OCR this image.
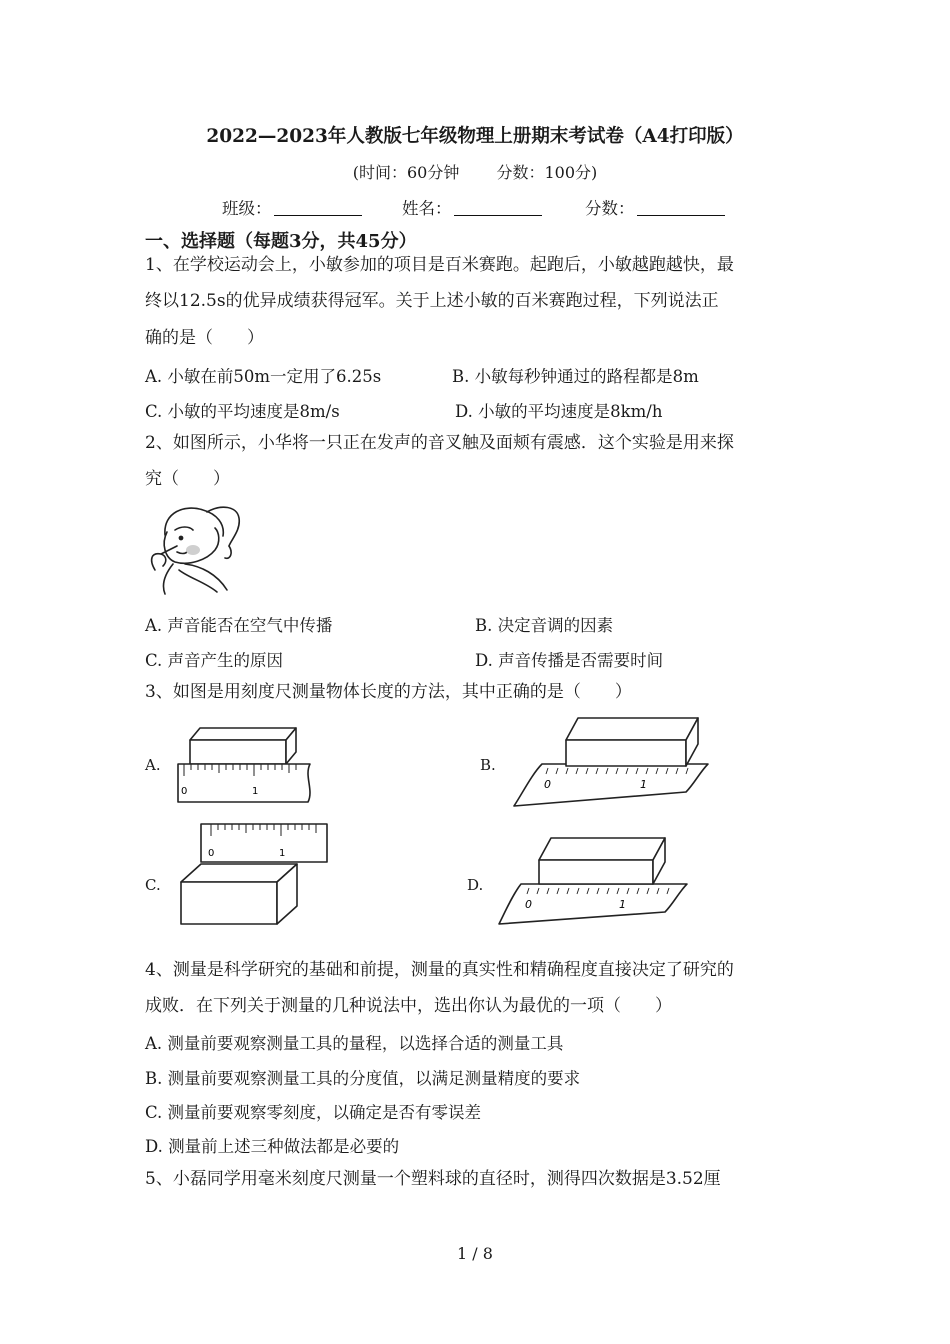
2022—2023年人教版七年级物理上册期末考试卷（A4打印版）
(时间：60分钟 分数：100分)
班级：	姓名：	分数：
一、选择题（每题3分，共45分）
1、在学校运动会上，小敏参加的项目是百米赛跑。起跑后，小敏越跑越快，最
终以12.5s的优异成绩获得冠军。关于上述小敏的百米赛跑过程，下列说法正
确的是（　　）
A. 小敏在前50m一定用了6.25s	B. 小敏每秒钟通过的路程都是8m
C. 小敏的平均速度是8m/s	D. 小敏的平均速度是8km/h
2、如图所示，小华将一只正在发声的音叉触及面颊有震感．这个实验是用来探
究（　　）
A. 声音能否在空气中传播	B. 决定音调的因素
C. 声音产生的原因	D. 声音传播是否需要时间
3、如图是用刻度尺测量物体长度的方法，其中正确的是（　　）
A.
0	1
B.
0	1
C.
0	1
D.
0	1
4、测量是科学研究的基础和前提，测量的真实性和精确程度直接决定了研究的
成败．在下列关于测量的几种说法中，选出你认为最优的一项（　　）
A. 测量前要观察测量工具的量程，以选择合适的测量工具
B. 测量前要观察测量工具的分度值，以满足测量精度的要求
C. 测量前要观察零刻度，以确定是否有零误差
D. 测量前上述三种做法都是必要的
5、小磊同学用毫米刻度尺测量一个塑料球的直径时，测得四次数据是3.52厘
1 / 8
